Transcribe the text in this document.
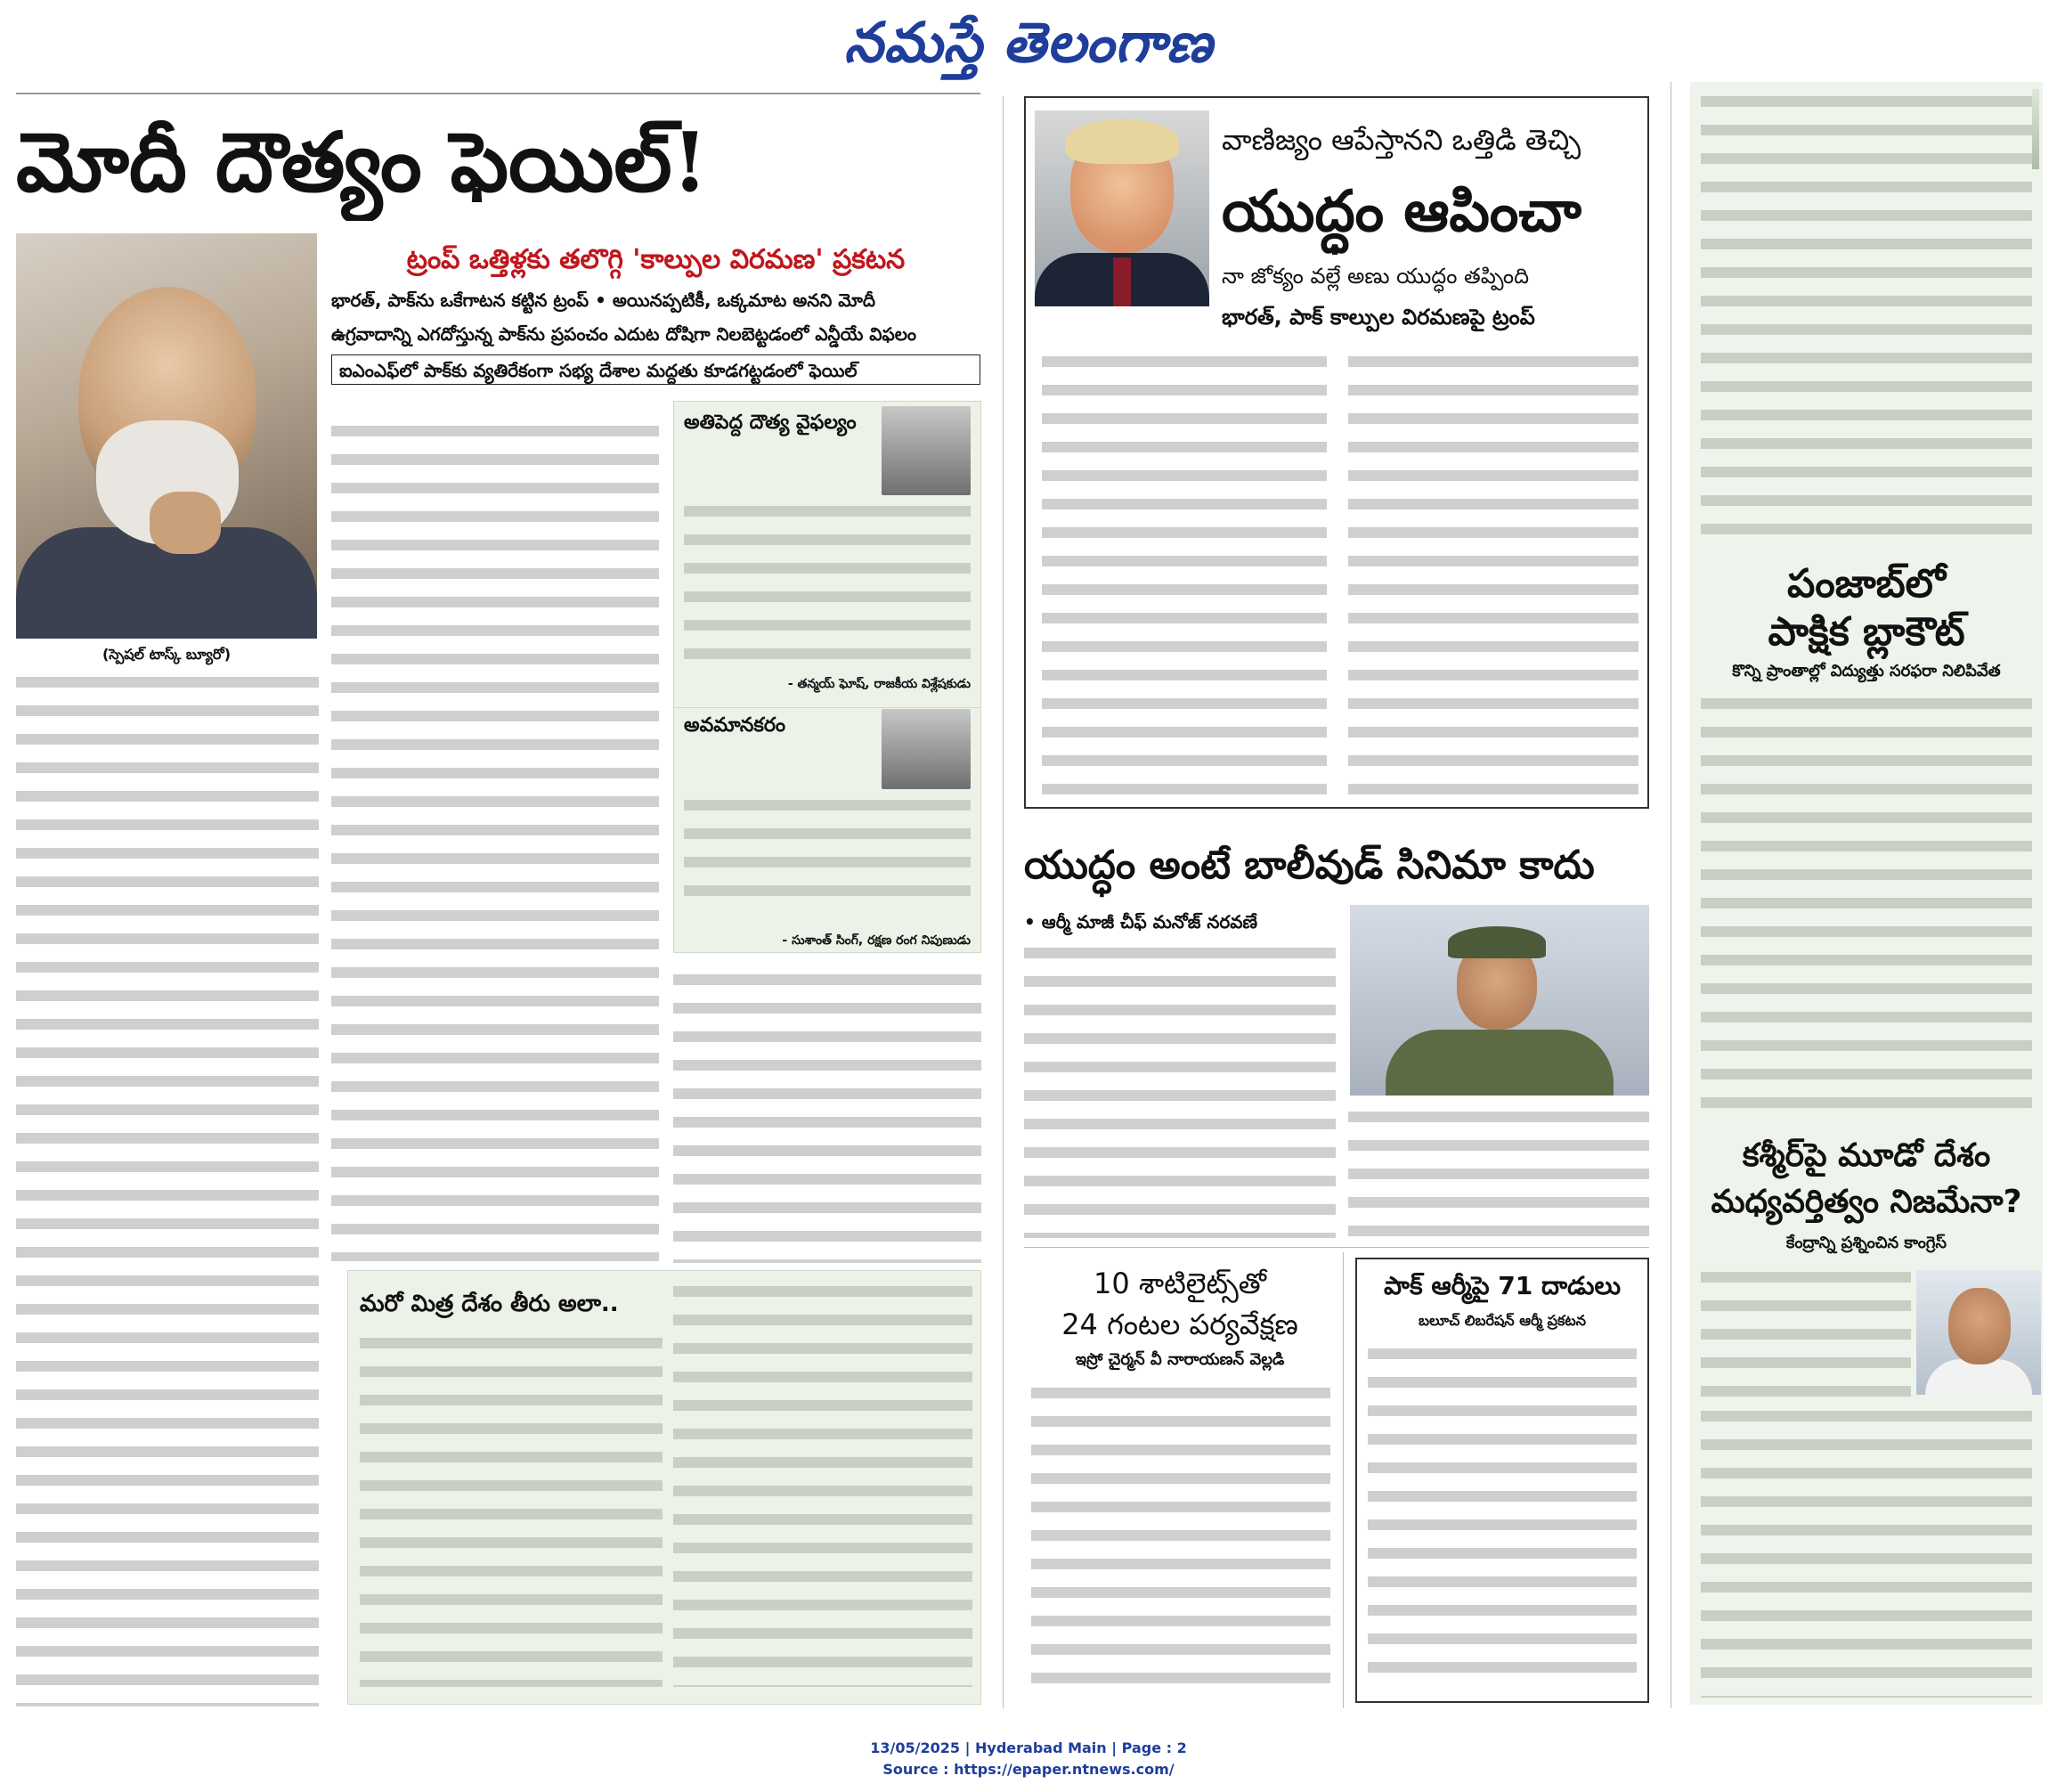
నమస్తే తెలంగాణ
మోదీ దౌత్యం ఫెయిల్!
ట్రంప్ ఒత్తిళ్లకు తలొగ్గి 'కాల్పుల విరమణ' ప్రకటన
భారత్, పాక్‌ను ఒకేగాటన కట్టిన ట్రంప్ • అయినప్పటికీ, ఒక్కమాట అనని మోదీ
ఉగ్రవాదాన్ని ఎగదోస్తున్న పాక్‌ను ప్రపంచం ఎదుట దోషిగా నిలబెట్టడంలో ఎన్డీయే విఫలం
ఐఎంఎఫ్‌లో పాక్‌కు వ్యతిరేకంగా సభ్య దేశాల మద్దతు కూడగట్టడంలో ఫెయిల్
(స్పెషల్ టాస్క్ బ్యూరో)
అతిపెద్ద దౌత్య వైఫల్యం
- తన్మయ్ ఘోష్, రాజకీయ విశ్లేషకుడు
అవమానకరం
- సుశాంత్ సింగ్, రక్షణ రంగ నిపుణుడు
మరో మిత్ర దేశం తీరు అలా..
వాణిజ్యం ఆపేస్తానని ఒత్తిడి తెచ్చి
యుద్ధం ఆపించా
నా జోక్యం వల్లే అణు యుద్ధం తప్పింది
భారత్, పాక్ కాల్పుల విరమణపై ట్రంప్
యుద్ధం అంటే బాలీవుడ్ సినిమా కాదు
• ఆర్మీ మాజీ చీఫ్ మనోజ్ నరవణే
10 శాటిలైట్స్‌తో
24 గంటల పర్యవేక్షణ
ఇస్రో చైర్మన్ వీ నారాయణన్ వెల్లడి
పాక్ ఆర్మీపై 71 దాడులు
బలూచ్ లిబరేషన్ ఆర్మీ ప్రకటన
పంజాబ్‌లో
పాక్షిక బ్లాకౌట్
కొన్ని ప్రాంతాల్లో విద్యుత్తు సరఫరా నిలిపివేత
కశ్మీర్‌పై మూడో దేశం
మధ్యవర్తిత్వం నిజమేనా?
కేంద్రాన్ని ప్రశ్నించిన కాంగ్రెస్
13/05/2025 | Hyderabad Main | Page : 2
Source : https://epaper.ntnews.com/
